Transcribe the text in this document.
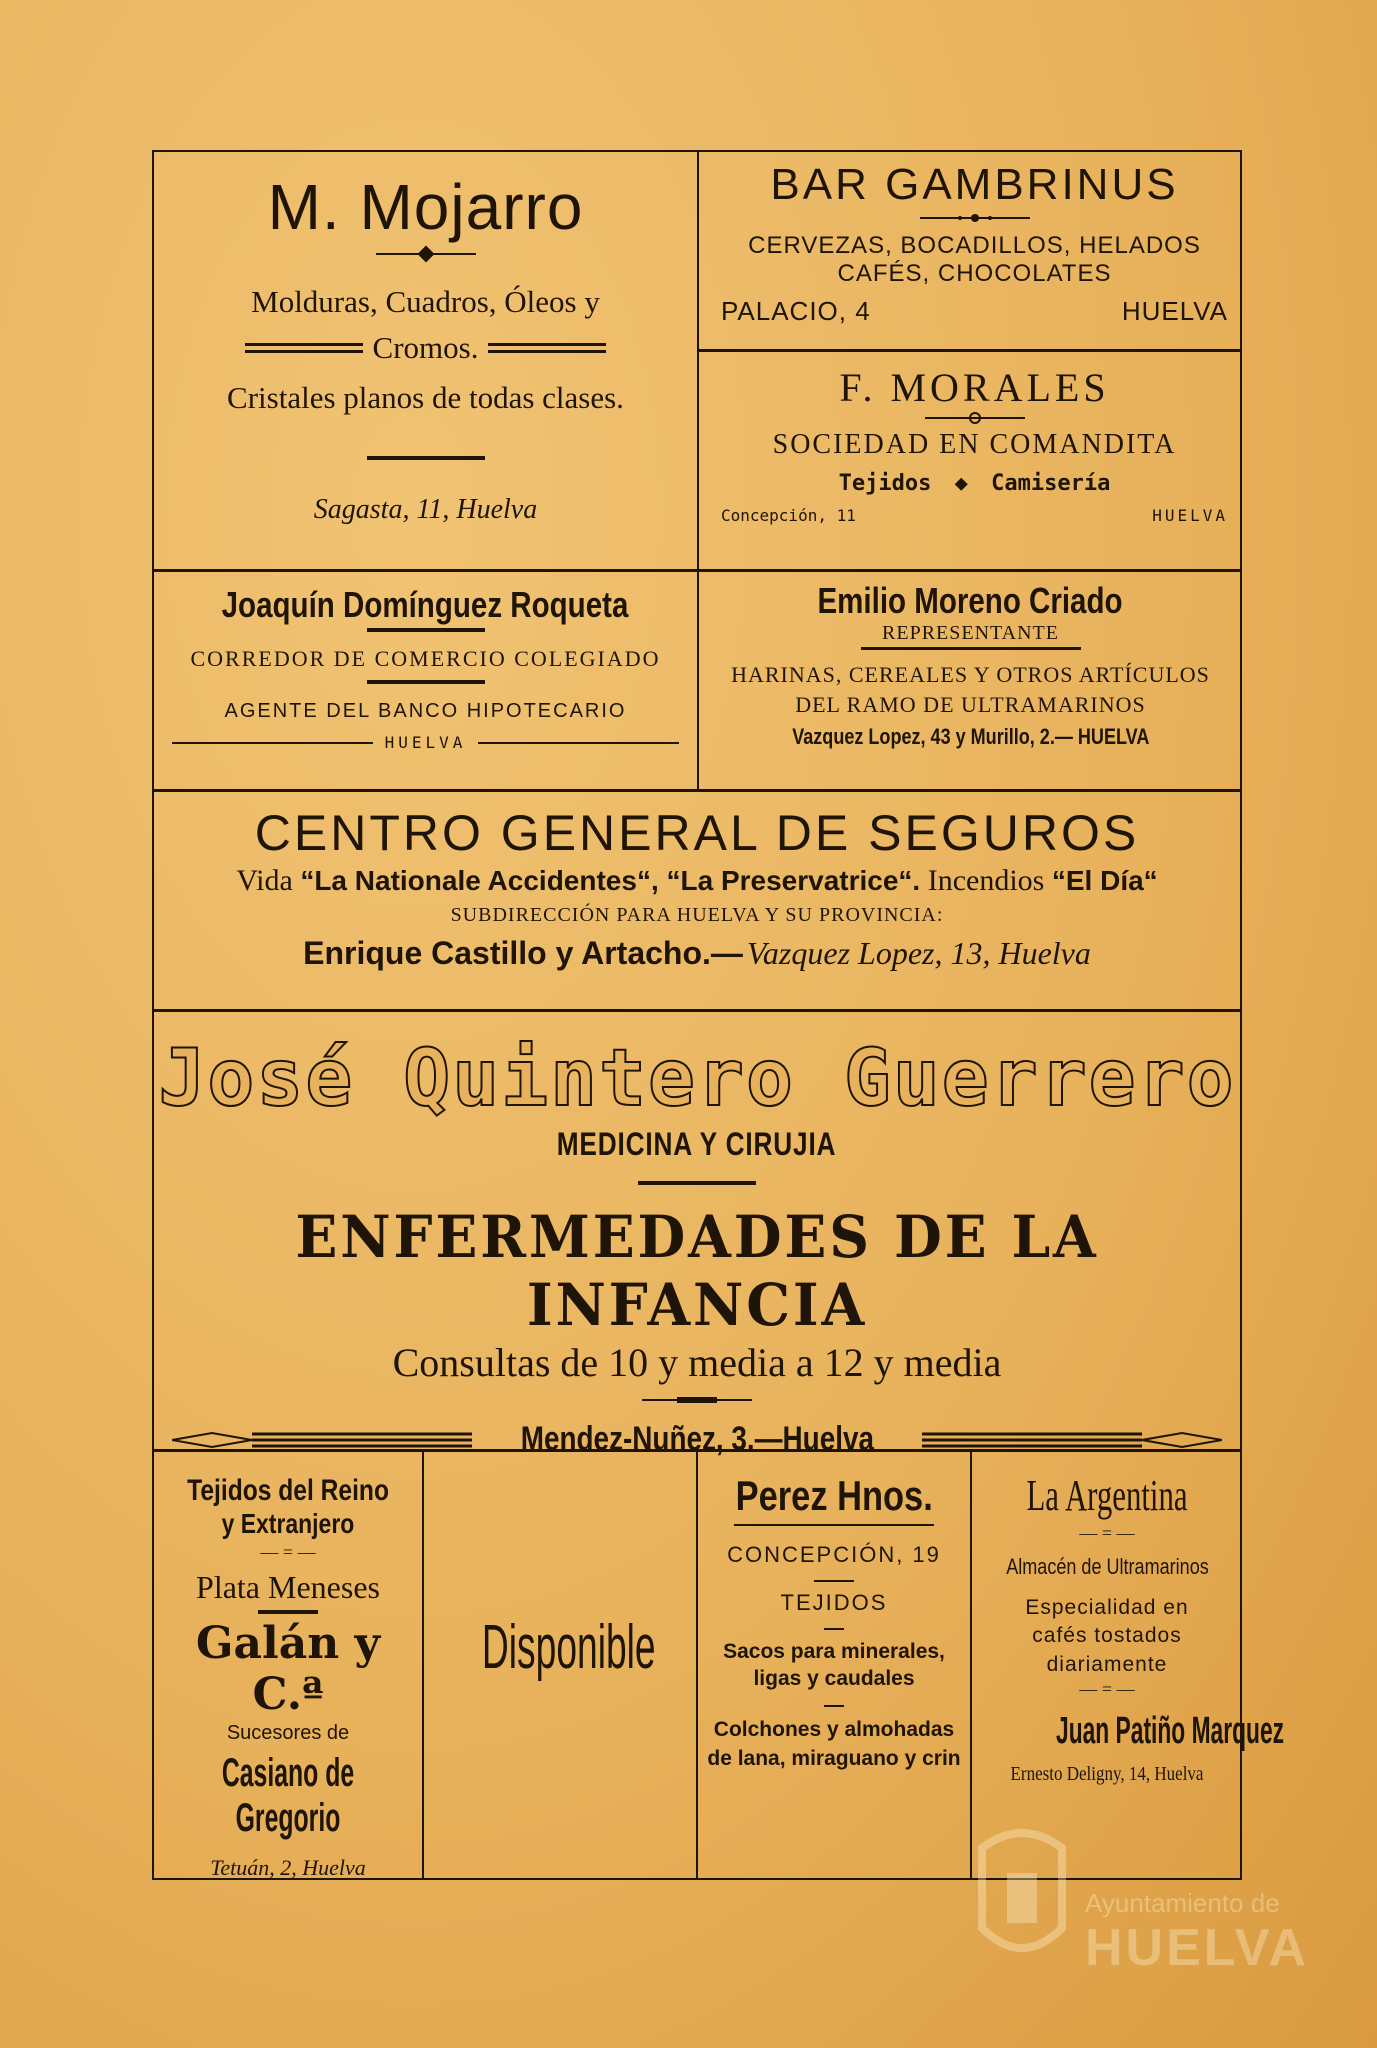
M. Mojarro
Molduras, Cuadros, Óleos y
Cromos.
Cristales planos de todas clases.
Sagasta, 11, Huelva
BAR GAMBRINUS
CERVEZAS, BOCADILLOS, HELADOS
CAFÉS, CHOCOLATES
PALACIO, 4	HUELVA
F. MORALES
SOCIEDAD EN COMANDITA
Tejidos ◆ Camisería
Concepción, 11	HUELVA
Joaquín Domínguez Roqueta
CORREDOR DE COMERCIO COLEGIADO
AGENTE DEL BANCO HIPOTECARIO
HUELVA
Emilio Moreno Criado
REPRESENTANTE
HARINAS, CEREALES Y OTROS ARTÍCULOS
DEL RAMO DE ULTRAMARINOS
Vazquez Lopez, 43 y Murillo, 2.— HUELVA
CENTRO GENERAL DE SEGUROS
Vida “La Nationale Accidentes“, “La Preservatrice“. Incendios “El Día“
SUBDIRECCIÓN PARA HUELVA Y SU PROVINCIA:
Enrique Castillo y Artacho.— Vazquez Lopez, 13, Huelva
José Quintero Guerrero
MEDICINA Y CIRUJIA
ENFERMEDADES DE LA INFANCIA
Consultas de 10 y media a 12 y media
Mendez-Nuñez, 3.—Huelva
Tejidos del Reino
y Extranjero
— = —
Plata Meneses
Galán y C.ª
Sucesores de
Casiano de Gregorio
Tetuán, 2, Huelva
Disponible
Perez Hnos.
CONCEPCIÓN, 19
TEJIDOS
Sacos para minerales, ligas y caudales
Colchones y almohadas de lana, miraguano y crin
La Argentina
— = —
Almacén de Ultramarinos
Especialidad en cafés tostados diariamente
— = —
Juan Patiño Marquez
Ernesto Deligny, 14, Huelva
Ayuntamiento de
HUELVA
